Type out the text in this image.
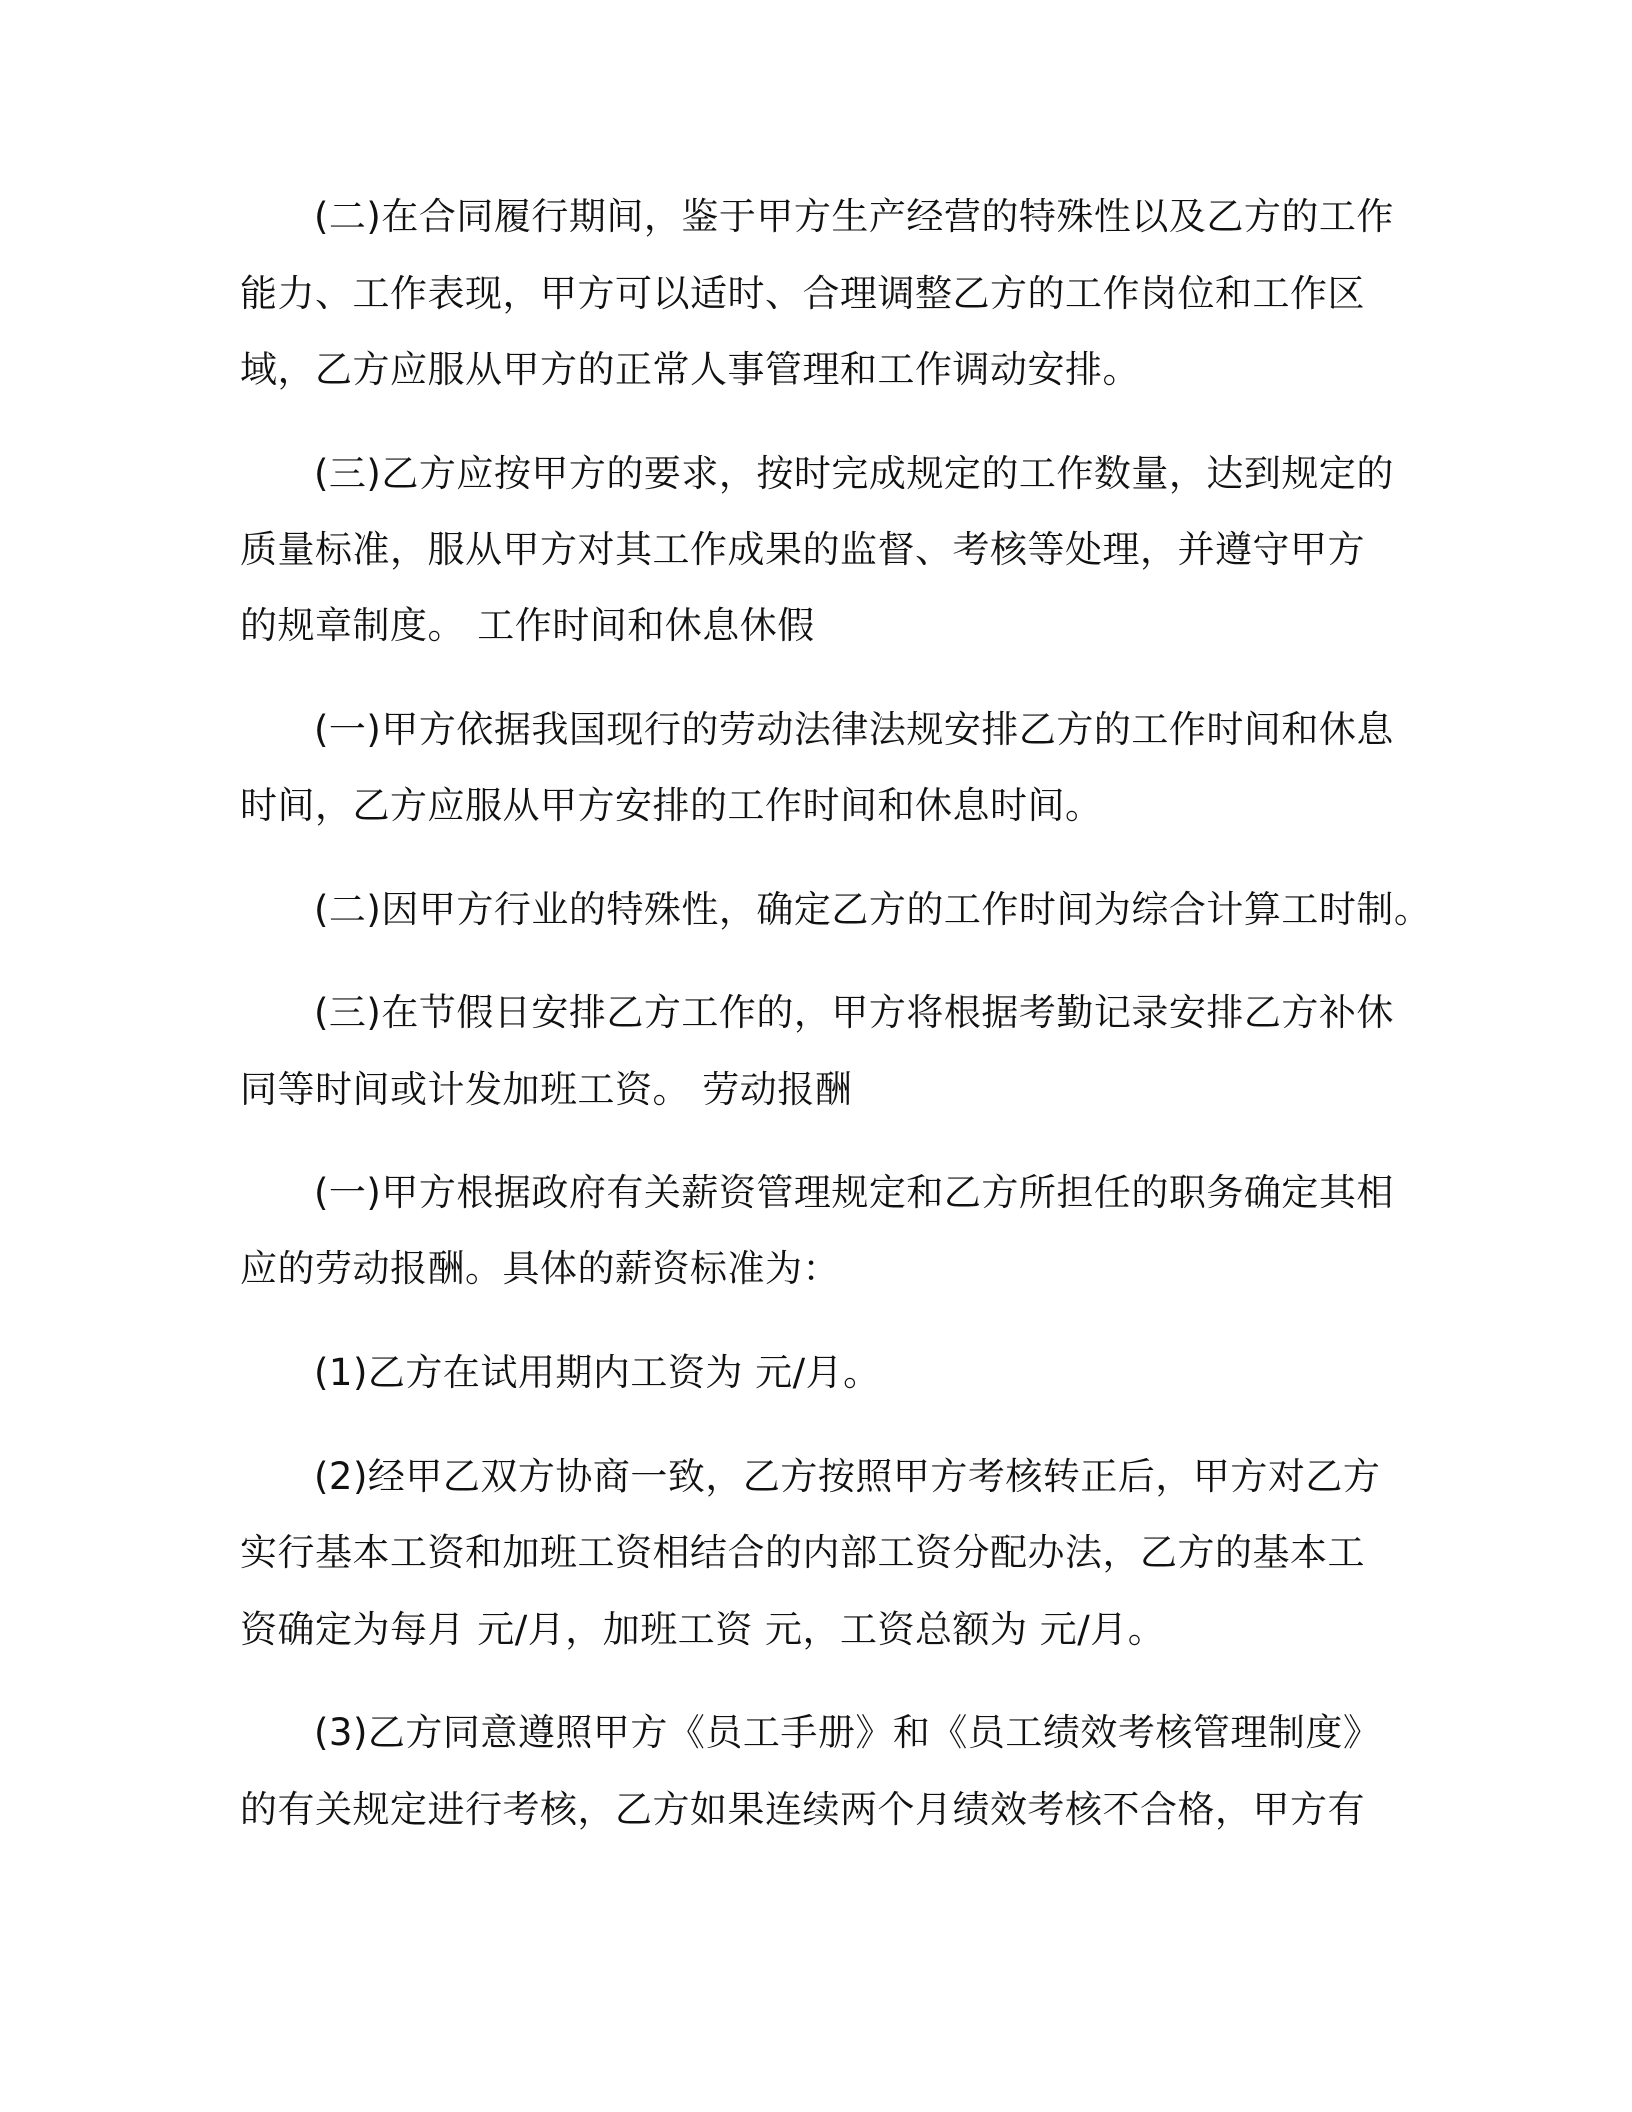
(二)在合同履行期间，鉴于甲方生产经营的特殊性以及乙方的工作
能力、工作表现，甲方可以适时、合理调整乙方的工作岗位和工作区
域，乙方应服从甲方的正常人事管理和工作调动安排。
(三)乙方应按甲方的要求，按时完成规定的工作数量，达到规定的
质量标准，服从甲方对其工作成果的监督、考核等处理，并遵守甲方
的规章制度。 工作时间和休息休假
(一)甲方依据我国现行的劳动法律法规安排乙方的工作时间和休息
时间，乙方应服从甲方安排的工作时间和休息时间。
(二)因甲方行业的特殊性，确定乙方的工作时间为综合计算工时制。
(三)在节假日安排乙方工作的，甲方将根据考勤记录安排乙方补休
同等时间或计发加班工资。 劳动报酬
(一)甲方根据政府有关薪资管理规定和乙方所担任的职务确定其相
应的劳动报酬。具体的薪资标准为：
(1)乙方在试用期内工资为 元/月。
(2)经甲乙双方协商一致，乙方按照甲方考核转正后，甲方对乙方
实行基本工资和加班工资相结合的内部工资分配办法，乙方的基本工
资确定为每月 元/月，加班工资 元，工资总额为 元/月。
(3)乙方同意遵照甲方《员工手册》和《员工绩效考核管理制度》
的有关规定进行考核，乙方如果连续两个月绩效考核不合格，甲方有
